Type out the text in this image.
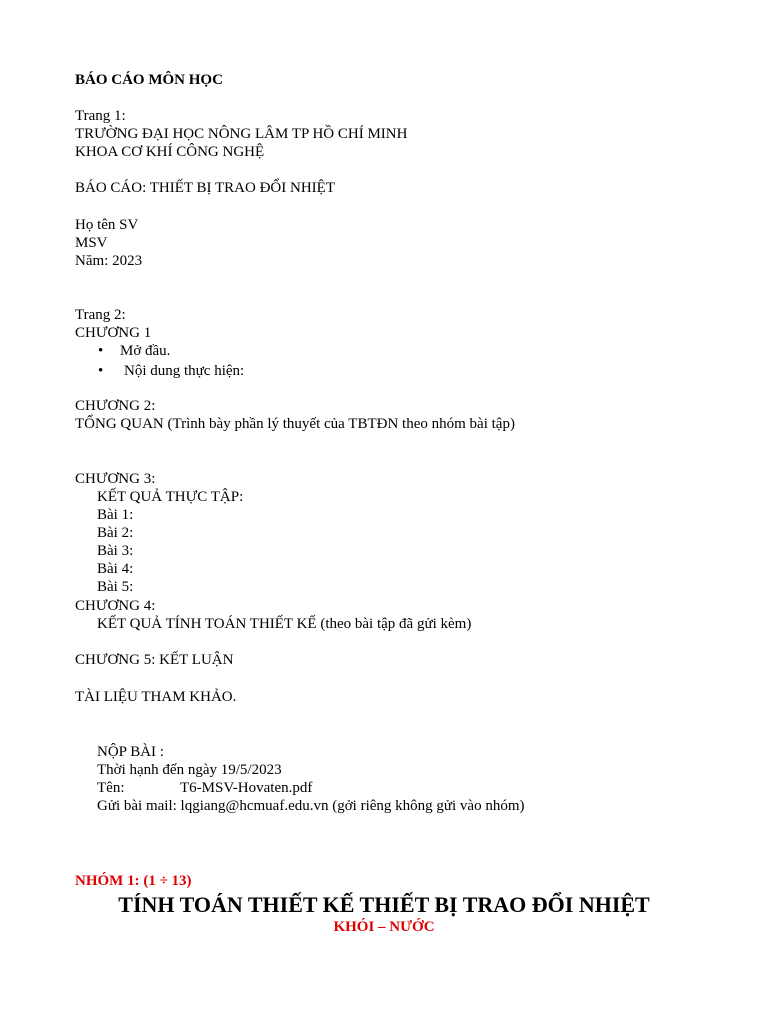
BÁO CÁO MÔN HỌC
Trang 1:
TRƯỜNG ĐẠI HỌC NÔNG LÂM TP HỒ CHÍ MINH
KHOA CƠ KHÍ CÔNG NGHỆ
BÁO CÁO: THIẾT BỊ TRAO ĐỔI NHIỆT
Họ tên SV
MSV
Năm: 2023
Trang 2:
CHƯƠNG 1
• Mở đầu.
• Nội dung thực hiện:
CHƯƠNG 2:
TỔNG QUAN (Trình bày phần lý thuyết của TBTĐN theo nhóm bài tập)
CHƯƠNG 3:
KẾT QUẢ THỰC TẬP:
Bài 1:
Bài 2:
Bài 3:
Bài 4:
Bài 5:
CHƯƠNG 4:
KẾT QUẢ TÍNH TOÁN THIẾT KẾ (theo bài tập đã gửi kèm)
CHƯƠNG 5: KẾT LUẬN
TÀI LIỆU THAM KHẢO.
NỘP BÀI :
Thời hạnh đến ngày 19/5/2023
Tên:	T6-MSV-Hovaten.pdf
Gửi bài mail: lqgiang@hcmuaf.edu.vn (gởi riêng không gửi vào nhóm)
NHÓM 1: (1 ÷ 13)
TÍNH TOÁN THIẾT KẾ THIẾT BỊ TRAO ĐỔI NHIỆT
KHÓI – NƯỚC
